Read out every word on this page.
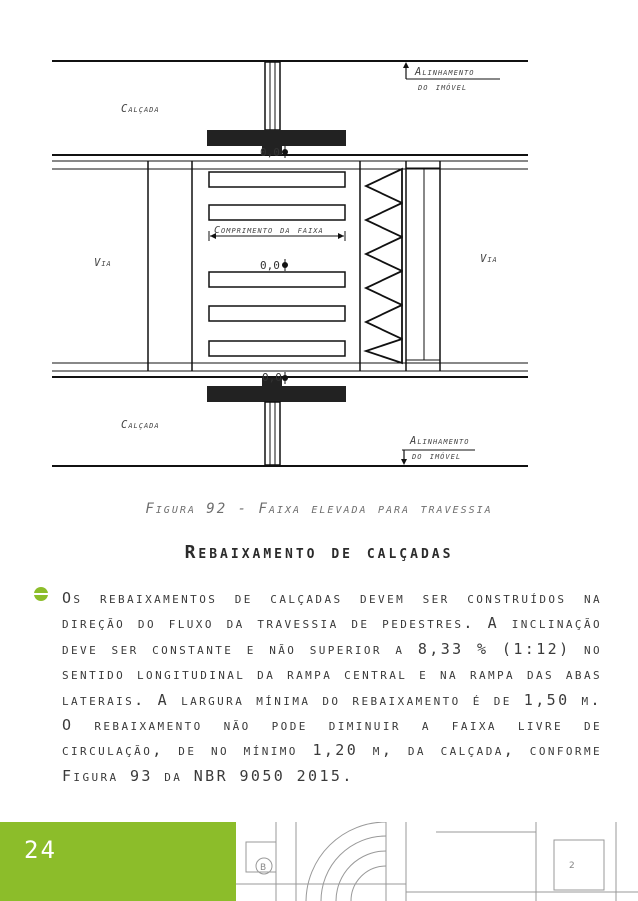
0,0
0,0
0,0
Comprimento da faixa
Alinhamento
do imóvel
Alinhamento
do imóvel
Calçada
Calçada
Via	Via
Figura 92 - Faixa elevada para travessia
Rebaixamento de calçadas

Os rebaixamentos de calçadas devem ser construídos na direção do fluxo da travessia de pedestres. A inclinação deve ser constante e não superior a 8,33 % (1:12) no sentido longitudinal da rampa central e na rampa das abas laterais. A largura mínima do rebaixamento é de 1,50 m. O rebaixamento não pode diminuir a faixa livre de circulação, de no mínimo 1,20 m, da calçada, conforme Figura 93 da NBR 9050 2015.

24
B	2
